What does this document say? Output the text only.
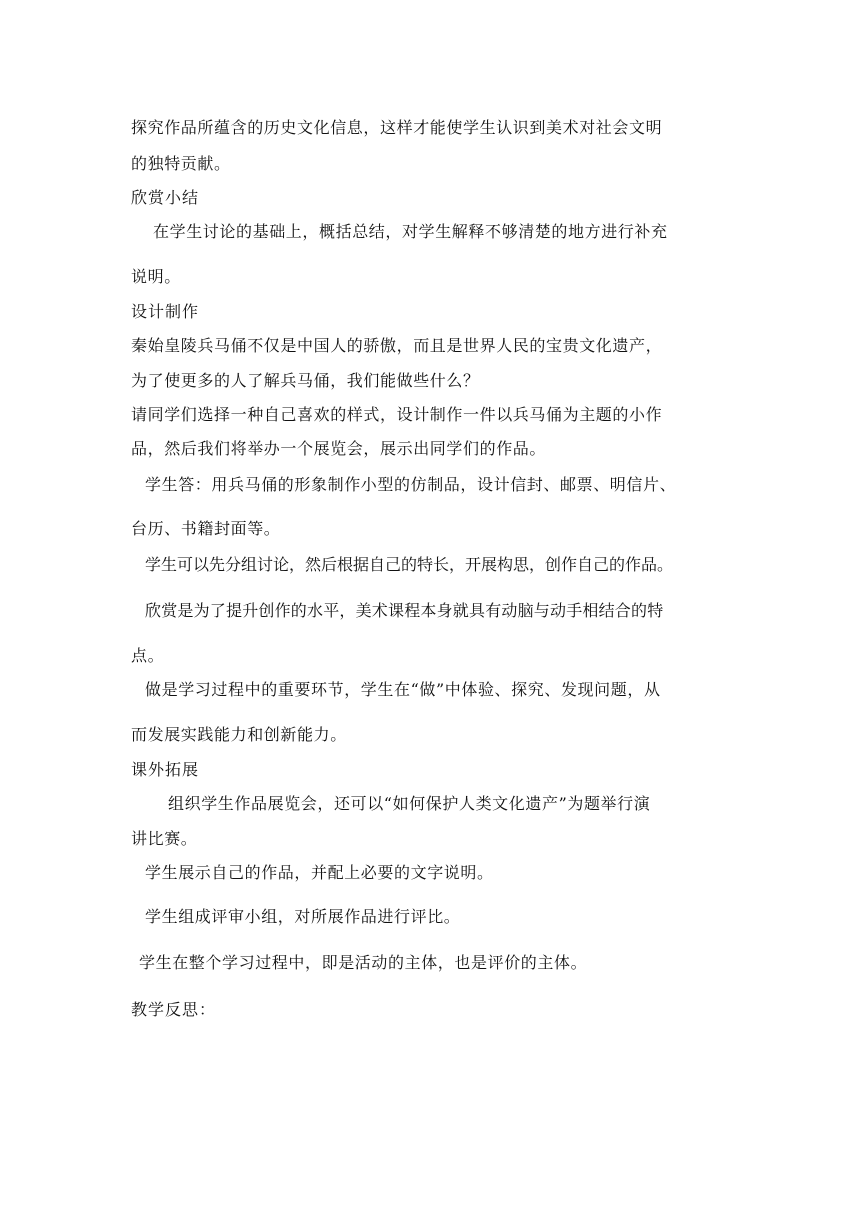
探究作品所蕴含的历史文化信息，这样才能使学生认识到美术对社会文明
的独特贡献。
欣赏小结
在学生讨论的基础上，概括总结，对学生解释不够清楚的地方进行补充
说明。
设计制作
秦始皇陵兵马俑不仅是中国人的骄傲，而且是世界人民的宝贵文化遗产，
为了使更多的人了解兵马俑，我们能做些什么？
请同学们选择一种自己喜欢的样式，设计制作一件以兵马俑为主题的小作
品，然后我们将举办一个展览会，展示出同学们的作品。
学生答：用兵马俑的形象制作小型的仿制品，设计信封、邮票、明信片、
台历、书籍封面等。
学生可以先分组讨论，然后根据自己的特长，开展构思，创作自己的作品。
欣赏是为了提升创作的水平，美术课程本身就具有动脑与动手相结合的特
点。
做是学习过程中的重要环节，学生在“做”中体验、探究、发现问题，从
而发展实践能力和创新能力。
课外拓展
组织学生作品展览会，还可以“如何保护人类文化遗产”为题举行演
讲比赛。
学生展示自己的作品，并配上必要的文字说明。
学生组成评审小组，对所展作品进行评比。
学生在整个学习过程中，即是活动的主体，也是评价的主体。
教学反思：
